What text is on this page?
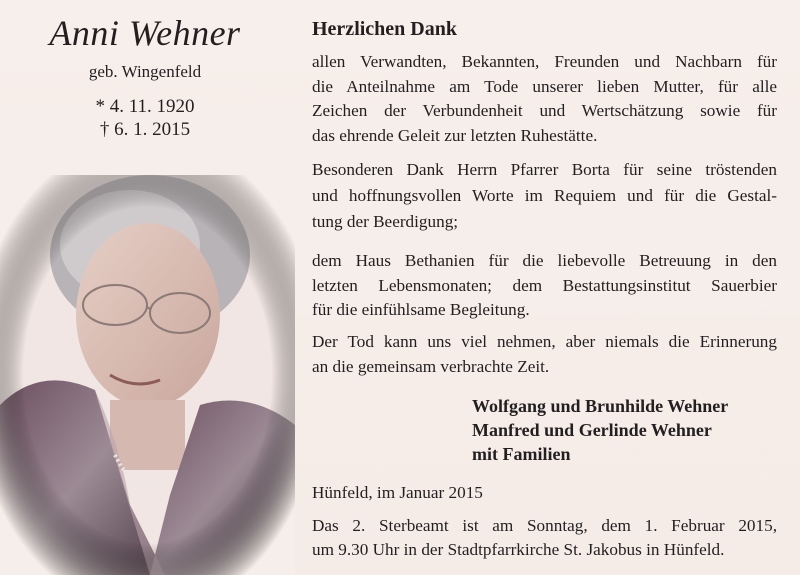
Anni Wehner
geb. Wingenfeld
* 4. 11. 1920
† 6. 1. 2015
Herzlichen Dank
allen Verwandten, Bekannten, Freunden und Nachbarn für
die Anteilnahme am Tode unserer lieben Mutter, für alle
Zeichen der Verbundenheit und Wertschätzung sowie für
das ehrende Geleit zur letzten Ruhestätte.
Besonderen Dank Herrn Pfarrer Borta für seine tröstenden
und hoffnungsvollen Worte im Requiem und für die Gestal-
tung der Beerdigung;
dem Haus Bethanien für die liebevolle Betreuung in den
letzten Lebensmonaten; dem Bestattungsinstitut Sauerbier
für die einfühlsame Begleitung.
Der Tod kann uns viel nehmen, aber niemals die Erinnerung
an die gemeinsam verbrachte Zeit.
Wolfgang und Brunhilde Wehner
Manfred und Gerlinde Wehner
mit Familien
Hünfeld, im Januar 2015
Das 2. Sterbeamt ist am Sonntag, dem 1. Februar 2015,
um 9.30 Uhr in der Stadtpfarrkirche St. Jakobus in Hünfeld.
